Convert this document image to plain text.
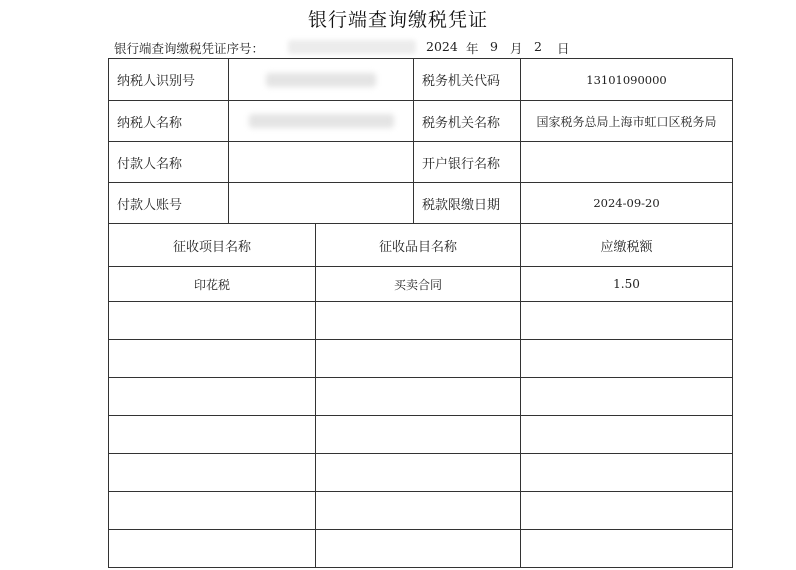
银行端查询缴税凭证
银行端查询缴税凭证序号：	2024 年 9 月 2 日
纳税人识别号			税务机关代码	13101090000
纳税人名称			税务机关名称	国家税务总局上海市虹口区税务局
付款人名称			开户银行名称	
付款人账号			税款限缴日期	2024-09-20
征收项目名称		征收品目名称		应缴税额
印花税		买卖合同		1.50
